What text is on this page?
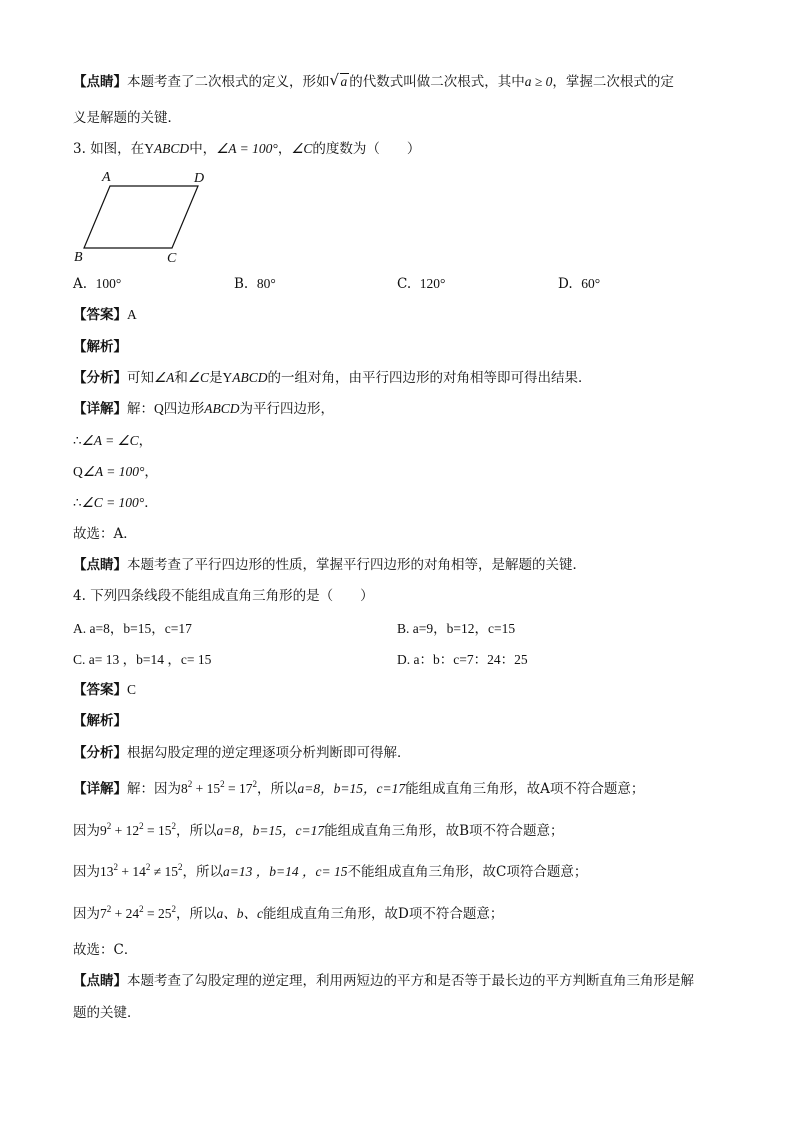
【点睛】本题考查了二次根式的定义，形如 √ a 的代数式叫做二次根式，其中a ≥ 0，掌握二次根式的定
义是解题的关键．
3. 如图，在YABCD中，∠A = 100°，∠C的度数为（　　）
A	D
B	C
A. 100°	B. 80°	C. 120°	D. 60°
【答案】A
【解析】
【分析】可知∠A和∠C是YABCD的一组对角，由平行四边形的对角相等即可得出结果．
【详解】解：Q四边形ABCD为平行四边形，
∴∠A = ∠C，
Q∠A = 100°，
∴∠C = 100°．
故选：A．
【点睛】本题考查了平行四边形的性质，掌握平行四边形的对角相等，是解题的关键．
4. 下列四条线段不能组成直角三角形的是（　　）
A. a=8，b=15，c=17	B. a=9，b=12，c=15
C. a= 13 ，b=14 ，c= 15	D. a：b：c=7：24：25
【答案】C
【解析】
【分析】根据勾股定理的逆定理逐项分析判断即可得解．
【详解】解：因为$8^2 + 15^2 = 17^2$，所以a=8，b=15，c=17能组成直角三角形，故A项不符合题意；
因为$9^2 + 12^2 = 15^2$，所以a=8，b=15，c=17能组成直角三角形，故B项不符合题意；
因为$13^2 + 14^2 \ne 15^2$，所以a=13 ，b=14 ，c= 15不能组成直角三角形，故C项符合题意；
因为$7^2 + 24^2 = 25^2$，所以a、b、c能组成直角三角形，故D项不符合题意；
故选：C．
【点睛】本题考查了勾股定理的逆定理，利用两短边的平方和是否等于最长边的平方判断直角三角形是解
题的关键．
